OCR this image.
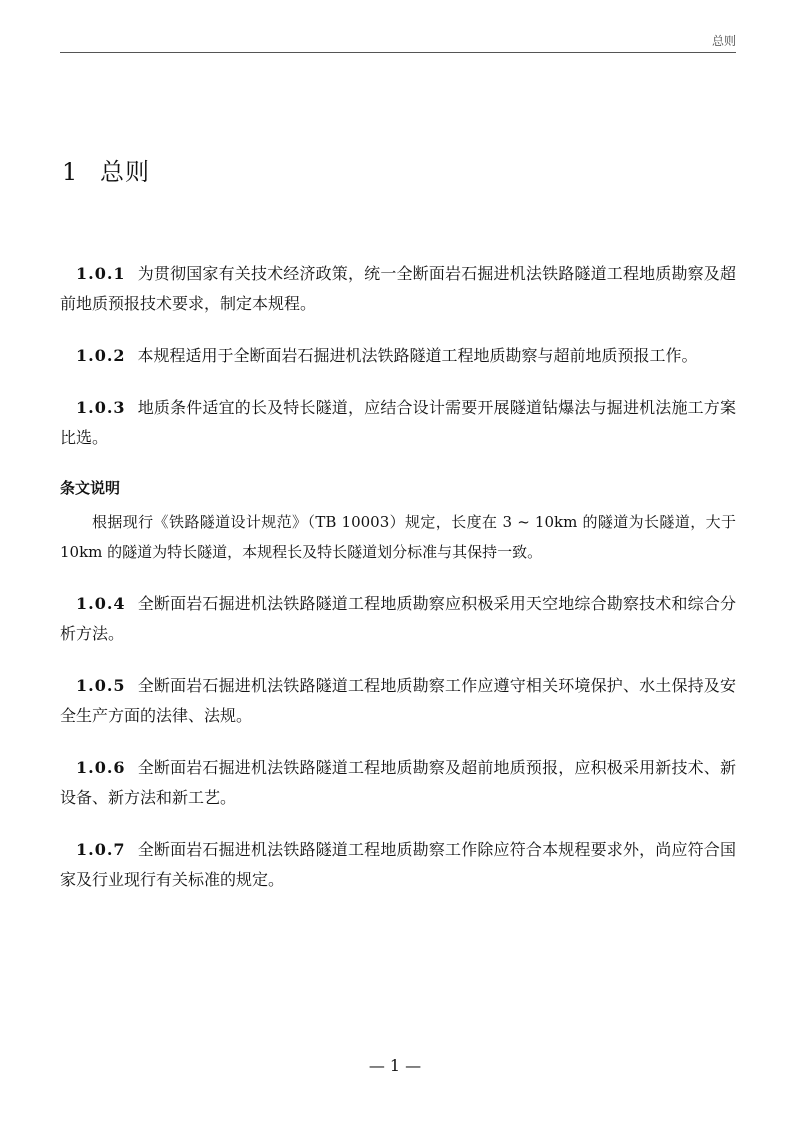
总则
1 总则

1.0.1 为贯彻国家有关技术经济政策，统一全断面岩石掘进机法铁路隧道工程地质勘察及超前地质预报技术要求，制定本规程。

1.0.2 本规程适用于全断面岩石掘进机法铁路隧道工程地质勘察与超前地质预报工作。

1.0.3 地质条件适宜的长及特长隧道，应结合设计需要开展隧道钻爆法与掘进机法施工方案比选。

条文说明

根据现行《铁路隧道设计规范》（TB 10003）规定，长度在 3 ~ 10km 的隧道为长隧道，大于 10km 的隧道为特长隧道，本规程长及特长隧道划分标准与其保持一致。

1.0.4 全断面岩石掘进机法铁路隧道工程地质勘察应积极采用天空地综合勘察技术和综合分析方法。

1.0.5 全断面岩石掘进机法铁路隧道工程地质勘察工作应遵守相关环境保护、水土保持及安全生产方面的法律、法规。

1.0.6 全断面岩石掘进机法铁路隧道工程地质勘察及超前地质预报，应积极采用新技术、新设备、新方法和新工艺。

1.0.7 全断面岩石掘进机法铁路隧道工程地质勘察工作除应符合本规程要求外，尚应符合国家及行业现行有关标准的规定。

— 1 —
